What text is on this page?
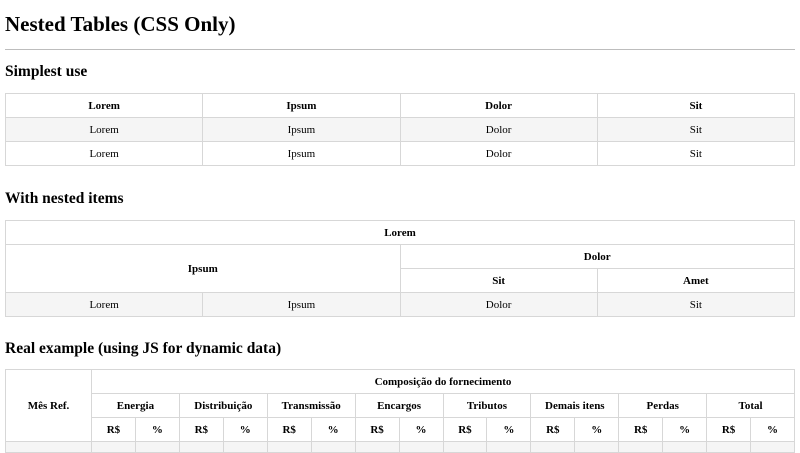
Nested Tables (CSS Only)
Simplest use
Lorem	Ipsum	Dolor	Sit
Lorem	Ipsum	Dolor	Sit
Lorem	Ipsum	Dolor	Sit
With nested items
Lorem			
Ipsum		Dolor	
		Sit	Amet
Lorem	Ipsum	Dolor	Sit
Real example (using JS for dynamic data)
Mês Ref.	Composição do fornecimento															
	Energia		Distribuição		Transmissão		Encargos		Tributos		Demais itens		Perdas		Total	
	R$	%	R$	%	R$	%	R$	%	R$	%	R$	%	R$	%	R$	%
